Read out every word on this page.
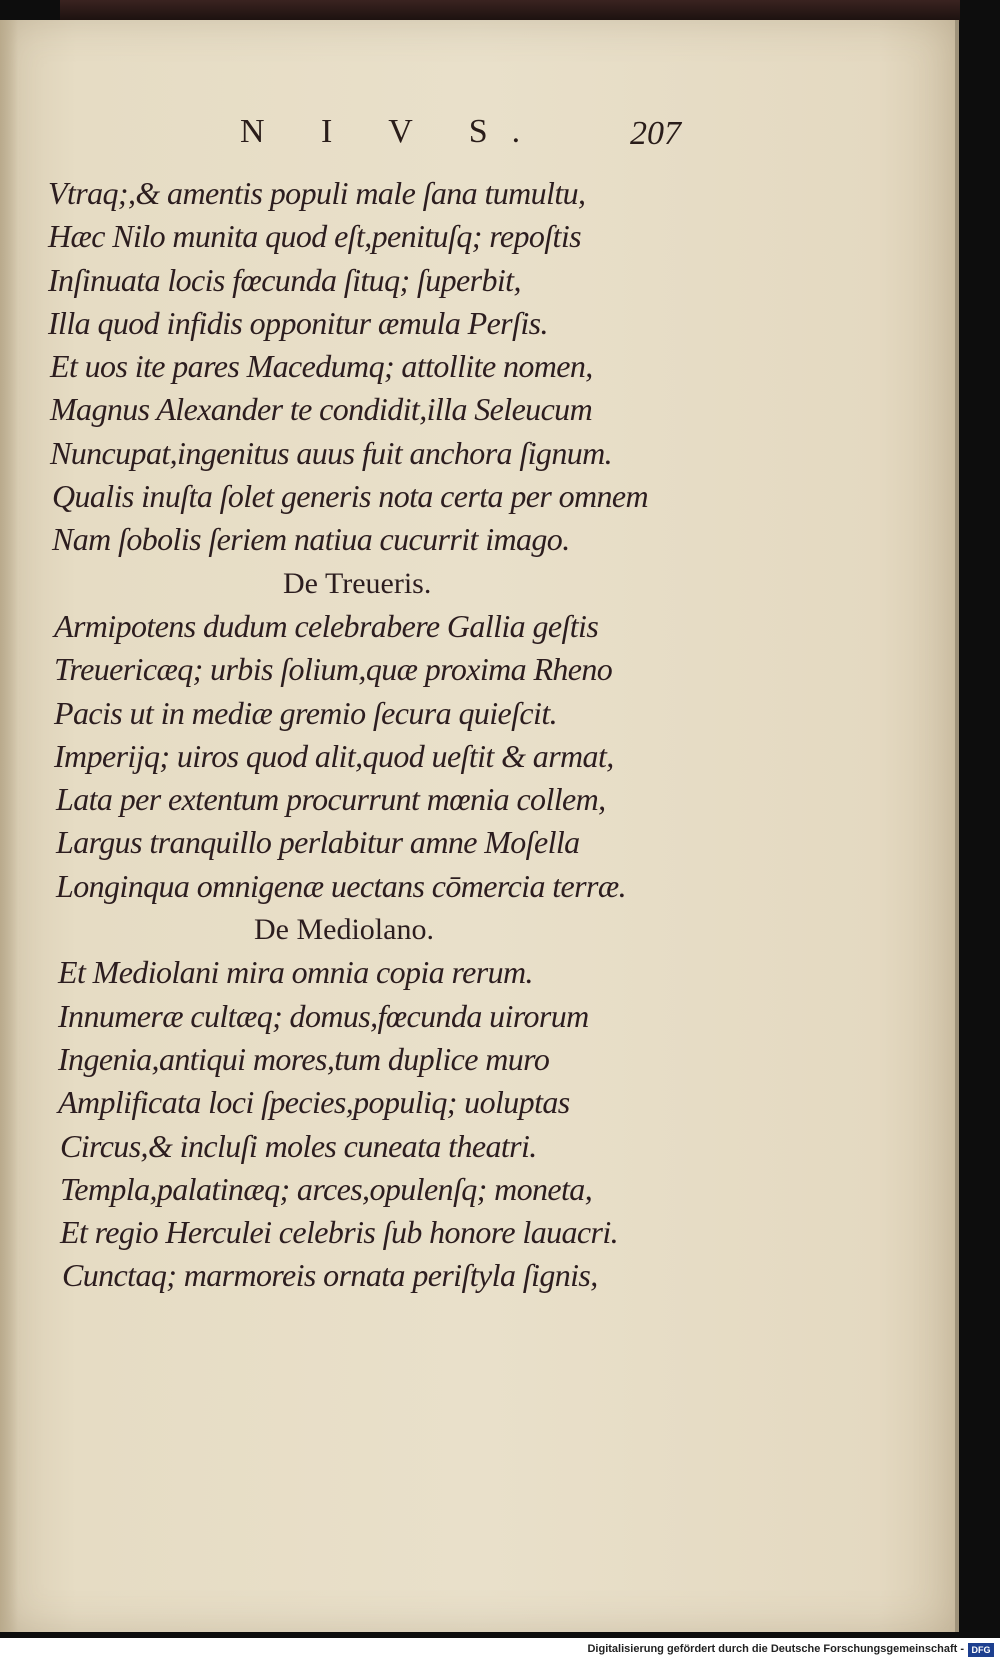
N I V S.	207
Vtraq;,& amentis populi male ſana tumultu,
Hæc Nilo munita quod eſt,penituſq; repoſtis
Inſinuata locis fœcunda ſituq; ſuperbit,
Illa quod infidis opponitur æmula Perſis.
Et uos ite pares Macedumq; attollite nomen,
Magnus Alexander te condidit,illa Seleucum
Nuncupat,ingenitus auus fuit anchora ſignum.
Qualis inuſta ſolet generis nota certa per omnem
Nam ſobolis ſeriem natiua cucurrit imago.
De Treueris.
Armipotens dudum celebrabere Gallia geſtis
Treuericæq; urbis ſolium,quæ proxima Rheno
Pacis ut in mediæ gremio ſecura quieſcit.
Imperijq; uiros quod alit,quod ueſtit & armat,
Lata per extentum procurrunt mœnia collem,
Largus tranquillo perlabitur amne Moſella
Longinqua omnigenæ uectans cōmercia terræ.
De Mediolano.
Et Mediolani mira omnia copia rerum.
Innumeræ cultæq; domus,fœcunda uirorum
Ingenia,antiqui mores,tum duplice muro
Amplificata loci ſpecies,populiq; uoluptas
Circus,& incluſi moles cuneata theatri.
Templa,palatinæq; arces,opulenſq; moneta,
Et regio Herculei celebris ſub honore lauacri.
Cunctaq; marmoreis ornata periſtyla ſignis,
Digitalisierung gefördert durch die Deutsche Forschungsgemeinschaft - DFG
